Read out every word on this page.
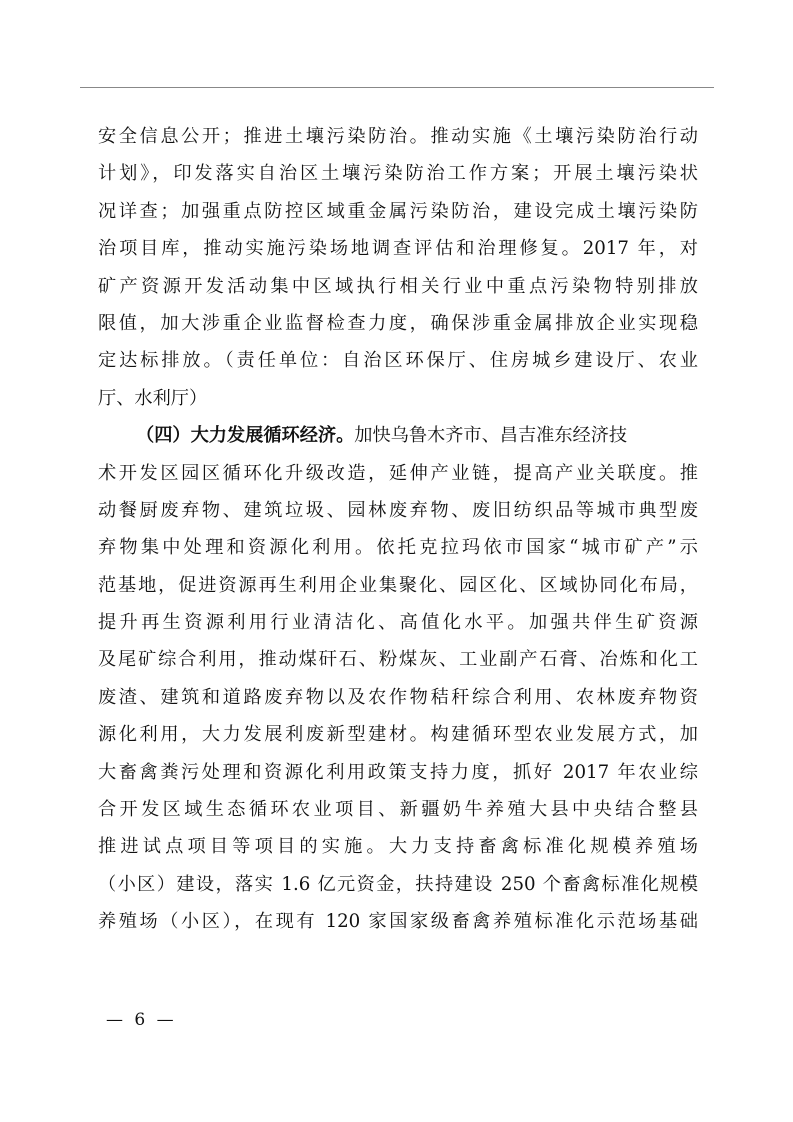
安全信息公开；推进土壤污染防治。推动实施《土壤污染防治行动
计划》，印发落实自治区土壤污染防治工作方案；开展土壤污染状
况详查；加强重点防控区域重金属污染防治，建设完成土壤污染防
治项目库，推动实施污染场地调查评估和治理修复。2017 年，对
矿产资源开发活动集中区域执行相关行业中重点污染物特别排放
限值，加大涉重企业监督检查力度，确保涉重金属排放企业实现稳
定达标排放。（责任单位：自治区环保厅、住房城乡建设厅、农业
厅、水利厅）
（四）大力发展循环经济。加快乌鲁木齐市、昌吉准东经济技
术开发区园区循环化升级改造，延伸产业链，提高产业关联度。推
动餐厨废弃物、建筑垃圾、园林废弃物、废旧纺织品等城市典型废
弃物集中处理和资源化利用。依托克拉玛依市国家“城市矿产”示
范基地，促进资源再生利用企业集聚化、园区化、区域协同化布局，
提升再生资源利用行业清洁化、高值化水平。加强共伴生矿资源
及尾矿综合利用，推动煤矸石、粉煤灰、工业副产石膏、冶炼和化工
废渣、建筑和道路废弃物以及农作物秸秆综合利用、农林废弃物资
源化利用，大力发展利废新型建材。构建循环型农业发展方式，加
大畜禽粪污处理和资源化利用政策支持力度，抓好 2017 年农业综
合开发区域生态循环农业项目、新疆奶牛养殖大县中央结合整县
推进试点项目等项目的实施。大力支持畜禽标准化规模养殖场
（小区）建设，落实 1.6 亿元资金，扶持建设 250 个畜禽标准化规模
养殖场（小区），在现有 120 家国家级畜禽养殖标准化示范场基础
— 6 —
